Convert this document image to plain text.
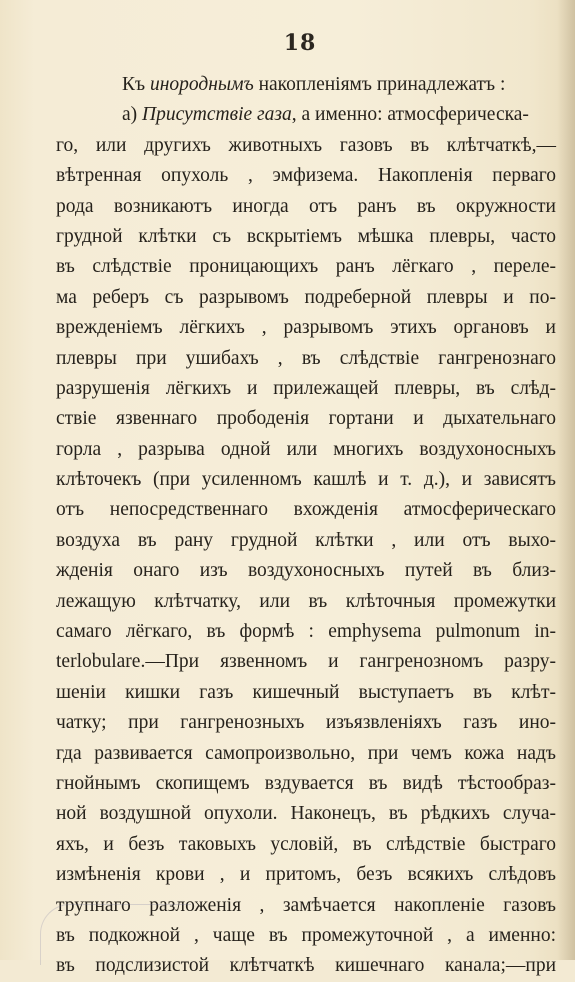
18
Къ инороднымъ накопленіямъ принадлежатъ :
а) Присутствіе газа, а именно: атмосферическа-
го, или другихъ животныхъ газовъ въ клѣтчаткѣ,—
вѣтренная опухоль , эмфизема. Накопленія перваго
рода возникаютъ иногда отъ ранъ въ окружности
грудной клѣтки съ вскрытіемъ мѣшка плевры, часто
въ слѣдствіе проницающихъ ранъ лёгкаго , переле-
ма реберъ съ разрывомъ подреберной плевры и по-
врежденіемъ лёгкихъ , разрывомъ этихъ органовъ и
плевры при ушибахъ , въ слѣдствіе гангренознаго
разрушенія лёгкихъ и прилежащей плевры, въ слѣд-
ствіе язвеннаго прободенія гортани и дыхательнаго
горла , разрыва одной или многихъ воздухоносныхъ
клѣточекъ (при усиленномъ кашлѣ и т. д.), и зависятъ
отъ непосредственнаго вхожденія атмосферическаго
воздуха въ рану грудной клѣтки , или отъ выхо-
жденія онаго изъ воздухоносныхъ путей въ близ-
лежащую клѣтчатку, или въ клѣточныя промежутки
самаго лёгкаго, въ формѣ : emphysema pulmonum in-
terlobulare.—При язвенномъ и гангренозномъ разру-
шеніи кишки газъ кишечный выступаетъ въ клѣт-
чатку; при гангренозныхъ изъязвленіяхъ газъ ино-
гда развивается самопроизвольно, при чемъ кожа надъ
гнойнымъ скопищемъ вздувается въ видѣ тѣстообраз-
ной воздушной опухоли. Наконецъ, въ рѣдкихъ случа-
яхъ, и безъ таковыхъ условій, въ слѣдствіе быстраго
измѣненія крови , и притомъ, безъ всякихъ слѣдовъ
трупнаго разложенія , замѣчается накопленіе газовъ
въ подкожной , чаще въ промежуточной , а именно:
въ подслизистой клѣтчаткѣ кишечнаго канала;—при
